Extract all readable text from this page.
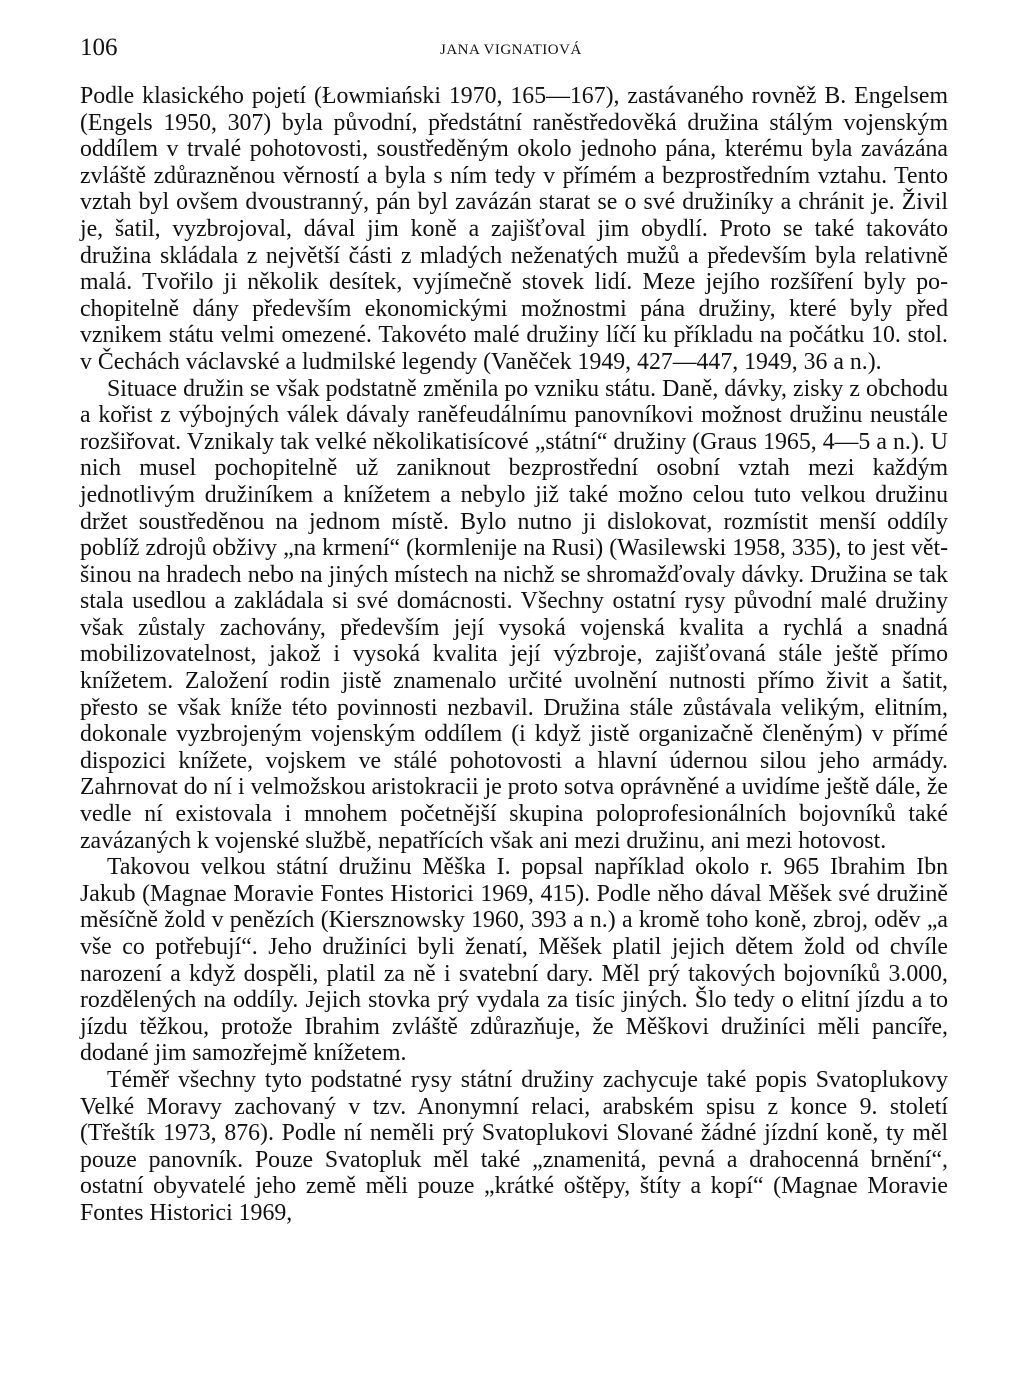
106	JANA VIGNATIOVÁ

Podle klasického pojetí (Łowmiański 1970, 165—167), zastávaného rovněž B. Engelsem (Engels 1950, 307) byla původní, předstátní raněstředověká družina stálým vojenským oddílem v trvalé pohotovosti, soustředěným okolo jednoho pána, kterému byla zavázána zvláště zdůrazněnou věrností a byla s ním tedy v přímém a bezprostředním vztahu. Tento vztah byl ovšem dvoustranný, pán byl zavázán starat se o své družiníky a chránit je. Živil je, šatil, vyzbrojoval, dával jim koně a zajišťoval jim obydlí. Proto se také takováto družina skládala z největší části z mladých neženatých mužů a především byla relativně malá. Tvořilo ji několik desítek, vyjímečně stovek lidí. Meze jejího rozšíření byly pochopitelně dány především ekonomickými možnostmi pána družiny, které byly před vznikem státu velmi omezené. Takovéto malé družiny líčí ku příkladu na počátku 10. stol. v Čechách václavské a ludmilské legendy (Vaněček 1949, 427—447, 1949, 36 a n.).

Situace družin se však podstatně změnila po vzniku státu. Daně, dávky, zisky z obchodu a kořist z výbojných válek dávaly raněfeudálnímu panovníkovi možnost družinu neustále rozšiřovat. Vznikaly tak velké několikatisícové „státní“ družiny (Graus 1965, 4—5 a n.). U nich musel pochopitelně už zaniknout bezprostřední osobní vztah mezi každým jednotlivým družiníkem a knížetem a nebylo již také možno celou tuto velkou družinu držet soustředěnou na jednom místě. Bylo nutno ji dislokovat, rozmístit menší oddíly poblíž zdrojů obživy „na krmení“ (kormlenije na Rusi) (Wasilewski 1958, 335), to jest většinou na hradech nebo na jiných místech na nichž se shromažďovaly dávky. Družina se tak stala usedlou a zakládala si své domácnosti. Všechny ostatní rysy původní malé družiny však zůstaly zachovány, především její vysoká vojenská kvalita a rychlá a snadná mobilizovatelnost, jakož i vysoká kvalita její výzbroje, zajišťovaná stále ještě přímo knížetem. Založení rodin jistě znamenalo určité uvolnění nutnosti přímo živit a šatit, přesto se však kníže této povinnosti nezbavil. Družina stále zůstávala velikým, elitním, dokonale vyzbrojeným vojenským oddílem (i když jistě organizačně členěným) v přímé dispozici knížete, vojskem ve stálé pohotovosti a hlavní údernou silou jeho armády. Zahrnovat do ní i velmožskou aristokracii je proto sotva oprávněné a uvidíme ještě dále, že vedle ní existovala i mnohem početnější skupina poloprofesionálních bojovníků také zavázaných k vojenské službě, nepatřících však ani mezi družinu, ani mezi hotovost.

Takovou velkou státní družinu Měška I. popsal například okolo r. 965 Ibrahim Ibn Jakub (Magnae Moravie Fontes Historici 1969, 415). Podle něho dával Měšek své družině měsíčně žold v penězích (Kiersznowsky 1960, 393 a n.) a kromě toho koně, zbroj, oděv „a vše co potřebují“. Jeho družiníci byli ženatí, Měšek platil jejich dětem žold od chvíle narození a když dospěli, platil za ně i svatební dary. Měl prý takových bojovníků 3.000, rozdělených na oddíly. Jejich stovka prý vydala za tisíc jiných. Šlo tedy o elitní jízdu a to jízdu těžkou, protože Ibrahim zvláště zdůrazňuje, že Měškovi družiníci měli pancíře, dodané jim samozřejmě knížetem.

Téměř všechny tyto podstatné rysy státní družiny zachycuje také popis Svatoplukovy Velké Moravy zachovaný v tzv. Anonymní relaci, arabském spisu z konce 9. století (Třeštík 1973, 876). Podle ní neměli prý Svatoplukovi Slované žádné jízdní koně, ty měl pouze panovník. Pouze Svatopluk měl také „znamenitá, pevná a drahocenná brnění“, ostatní obyvatelé jeho země měli pouze „krátké oštěpy, štíty a kopí“ (Magnae Moravie Fontes Historici 1969,
